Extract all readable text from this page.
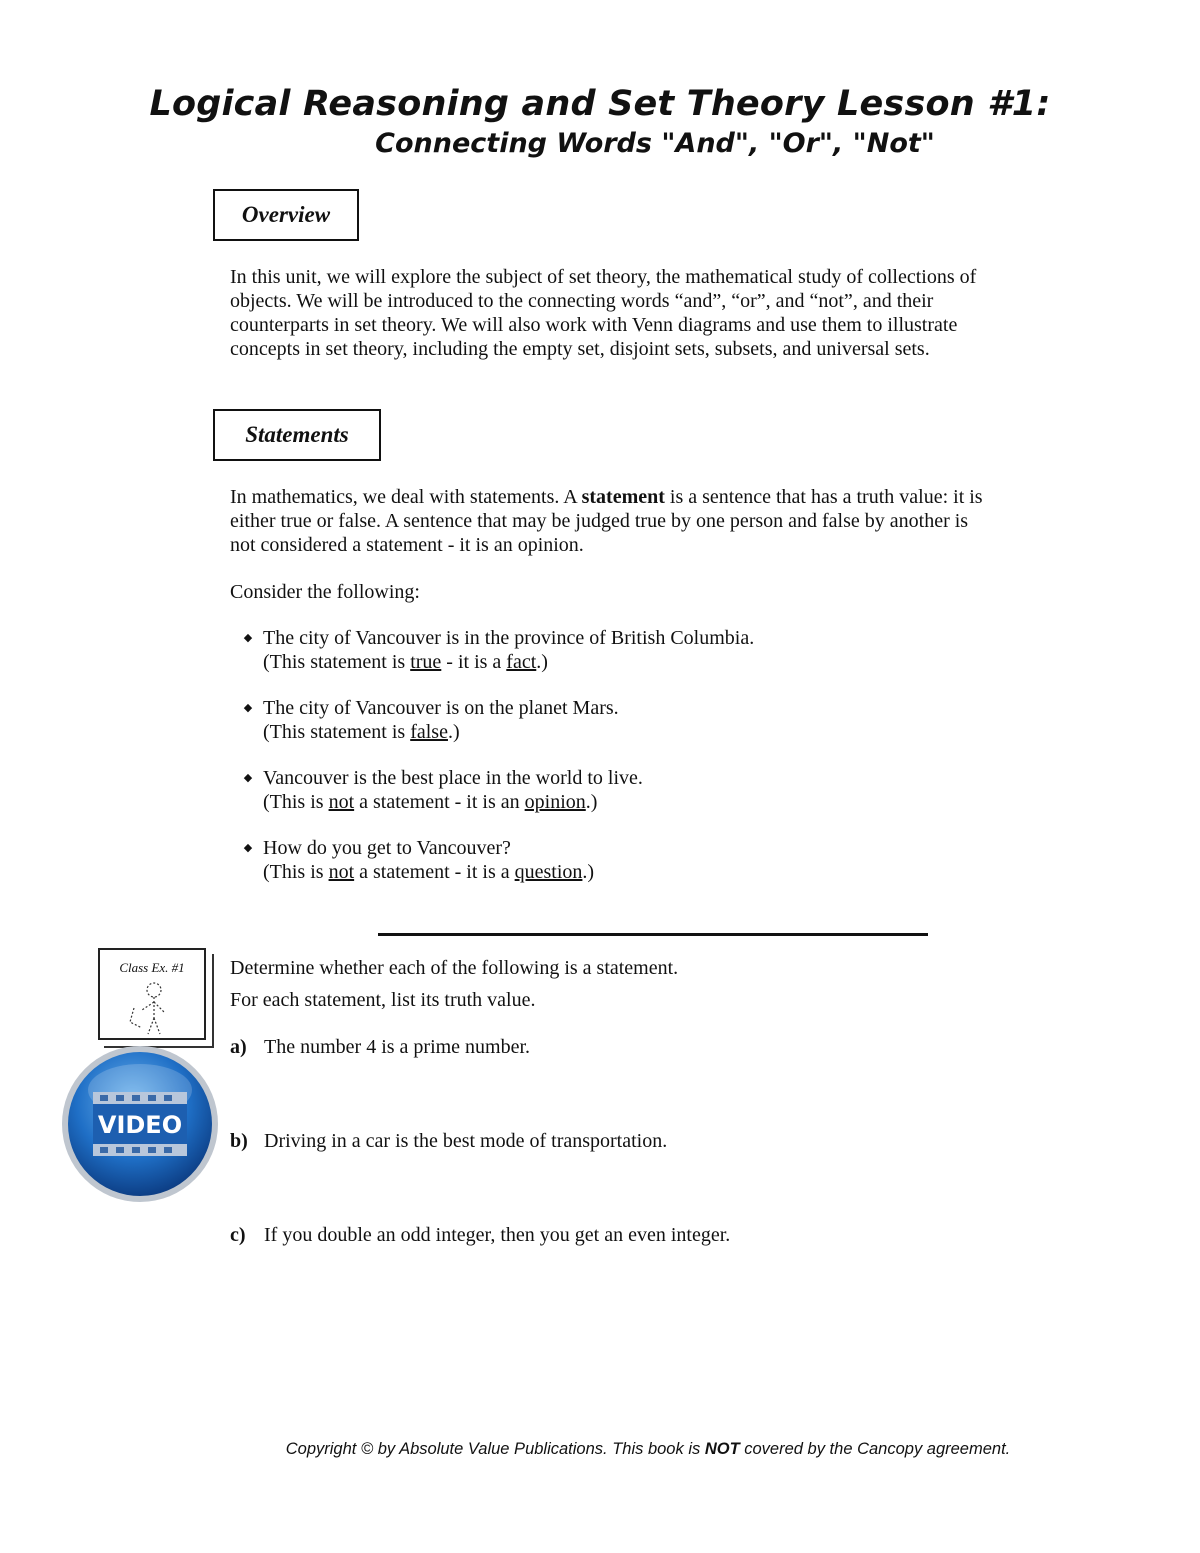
Logical Reasoning and Set Theory Lesson #1:
Connecting Words "And", "Or", "Not"
Overview
In this unit, we will explore the subject of set theory, the mathematical study of collections of
objects. We will be introduced to the connecting words “and”, “or”, and “not”, and their
counterparts in set theory. We will also work with Venn diagrams and use them to illustrate
concepts in set theory, including the empty set, disjoint sets, subsets, and universal sets.
Statements
In mathematics, we deal with statements. A statement is a sentence that has a truth value: it is
either true or false. A sentence that may be judged true by one person and false by another is
not considered a statement - it is an opinion.
Consider the following:
◆ The city of Vancouver is in the province of British Columbia.
(This statement is true - it is a fact.)
◆ The city of Vancouver is on the planet Mars.
(This statement is false.)
◆ Vancouver is the best place in the world to live.
(This is not a statement - it is an opinion.)
◆ How do you get to Vancouver?
(This is not a statement - it is a question.)
Class Ex. #1
VIDEO
Determine whether each of the following is a statement.
For each statement, list its truth value.
a) The number 4 is a prime number.
b) Driving in a car is the best mode of transportation.
c) If you double an odd integer, then you get an even integer.
Copyright © by Absolute Value Publications. This book is NOT covered by the Cancopy agreement.
